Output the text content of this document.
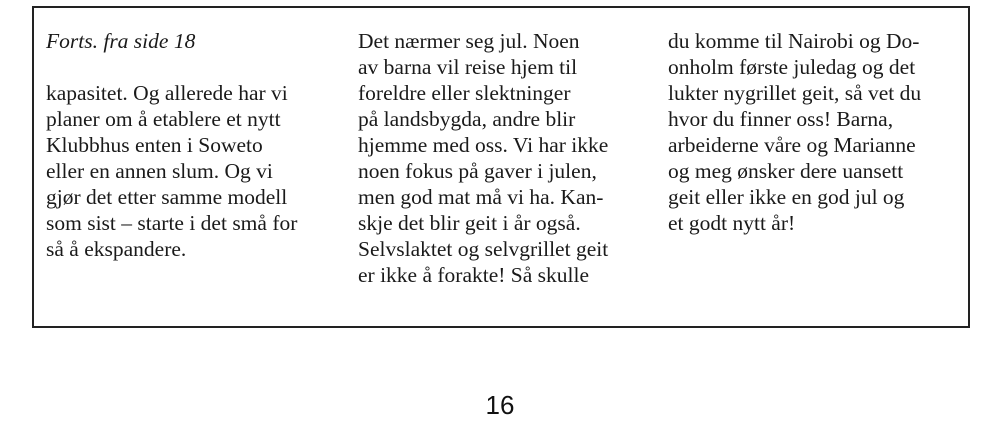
Forts. fra side 18
kapasitet. Og allerede har vi
planer om å etablere et nytt
Klubbhus enten i Soweto
eller en annen slum. Og vi
gjør det etter samme modell
som sist – starte i det små for
så å ekspandere.
Det nærmer seg jul. Noen
av barna vil reise hjem til
foreldre eller slektninger
på landsbygda, andre blir
hjemme med oss. Vi har ikke
noen fokus på gaver i julen,
men god mat må vi ha. Kan-
skje det blir geit i år også.
Selvslaktet og selvgrillet geit
er ikke å forakte! Så skulle
du komme til Nairobi og Do-
onholm første juledag og det
lukter nygrillet geit, så vet du
hvor du finner oss! Barna,
arbeiderne våre og Marianne
og meg ønsker dere uansett
geit eller ikke en god jul og
et godt nytt år!
16
